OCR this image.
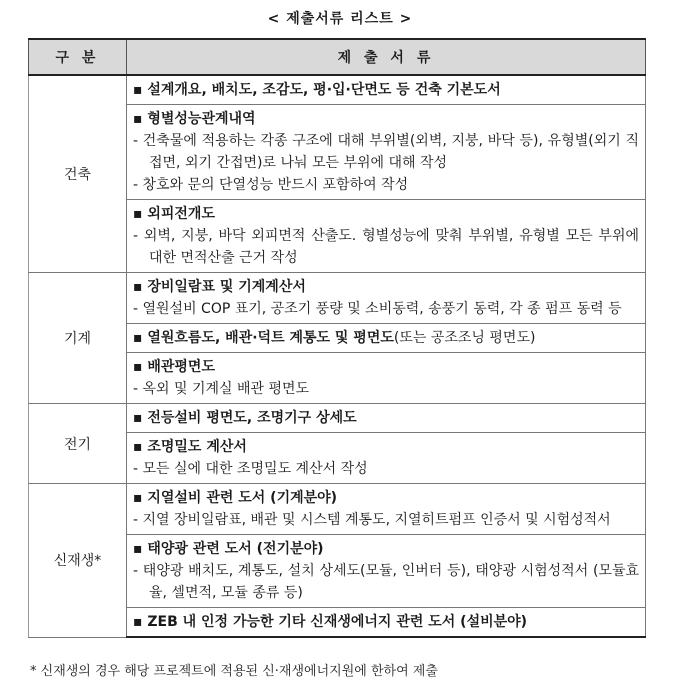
< 제출서류 리스트 >
구 분	제 출 서 류
건축	▪ 설계개요, 배치도, 조감도, 평·입·단면도 등 건축 기본도서

	▪ 형별성능관계내역
- 건축물에 적용하는 각종 구조에 대해 부위별(외벽, 지붕, 바닥 등), 유형별(외기 직접면, 외기 간접면)로 나눠 모든 부위에 대해 작성
- 창호와 문의 단열성능 반드시 포함하여 작성

	▪ 외피전개도
- 외벽, 지붕, 바닥 외피면적 산출도. 형별성능에 맞춰 부위별, 유형별 모든 부위에 대한 면적산출 근거 작성

기계	▪ 장비일람표 및 기계계산서
- 열원설비 COP 표기, 공조기 풍량 및 소비동력, 송풍기 동력, 각 종 펌프 동력 등

	▪ 열원흐름도, 배관·덕트 계통도 및 평면도(또는 공조조닝 평면도)

	▪ 배관평면도
- 옥외 및 기계실 배관 평면도

전기	▪ 전등설비 평면도, 조명기구 상세도

	▪ 조명밀도 계산서
- 모든 실에 대한 조명밀도 계산서 작성

신재생*	▪ 지열설비 관련 도서 (기계분야)
- 지열 장비일람표, 배관 및 시스템 계통도, 지열히트펌프 인증서 및 시험성적서

	▪ 태양광 관련 도서 (전기분야)
- 태양광 배치도, 계통도, 설치 상세도(모듈, 인버터 등), 태양광 시험성적서 (모듈효율, 셀면적, 모듈 종류 등)

	▪ ZEB 내 인정 가능한 기타 신재생에너지 관련 도서 (설비분야)
* 신재생의 경우 해당 프로젝트에 적용된 신·재생에너지원에 한하여 제출
